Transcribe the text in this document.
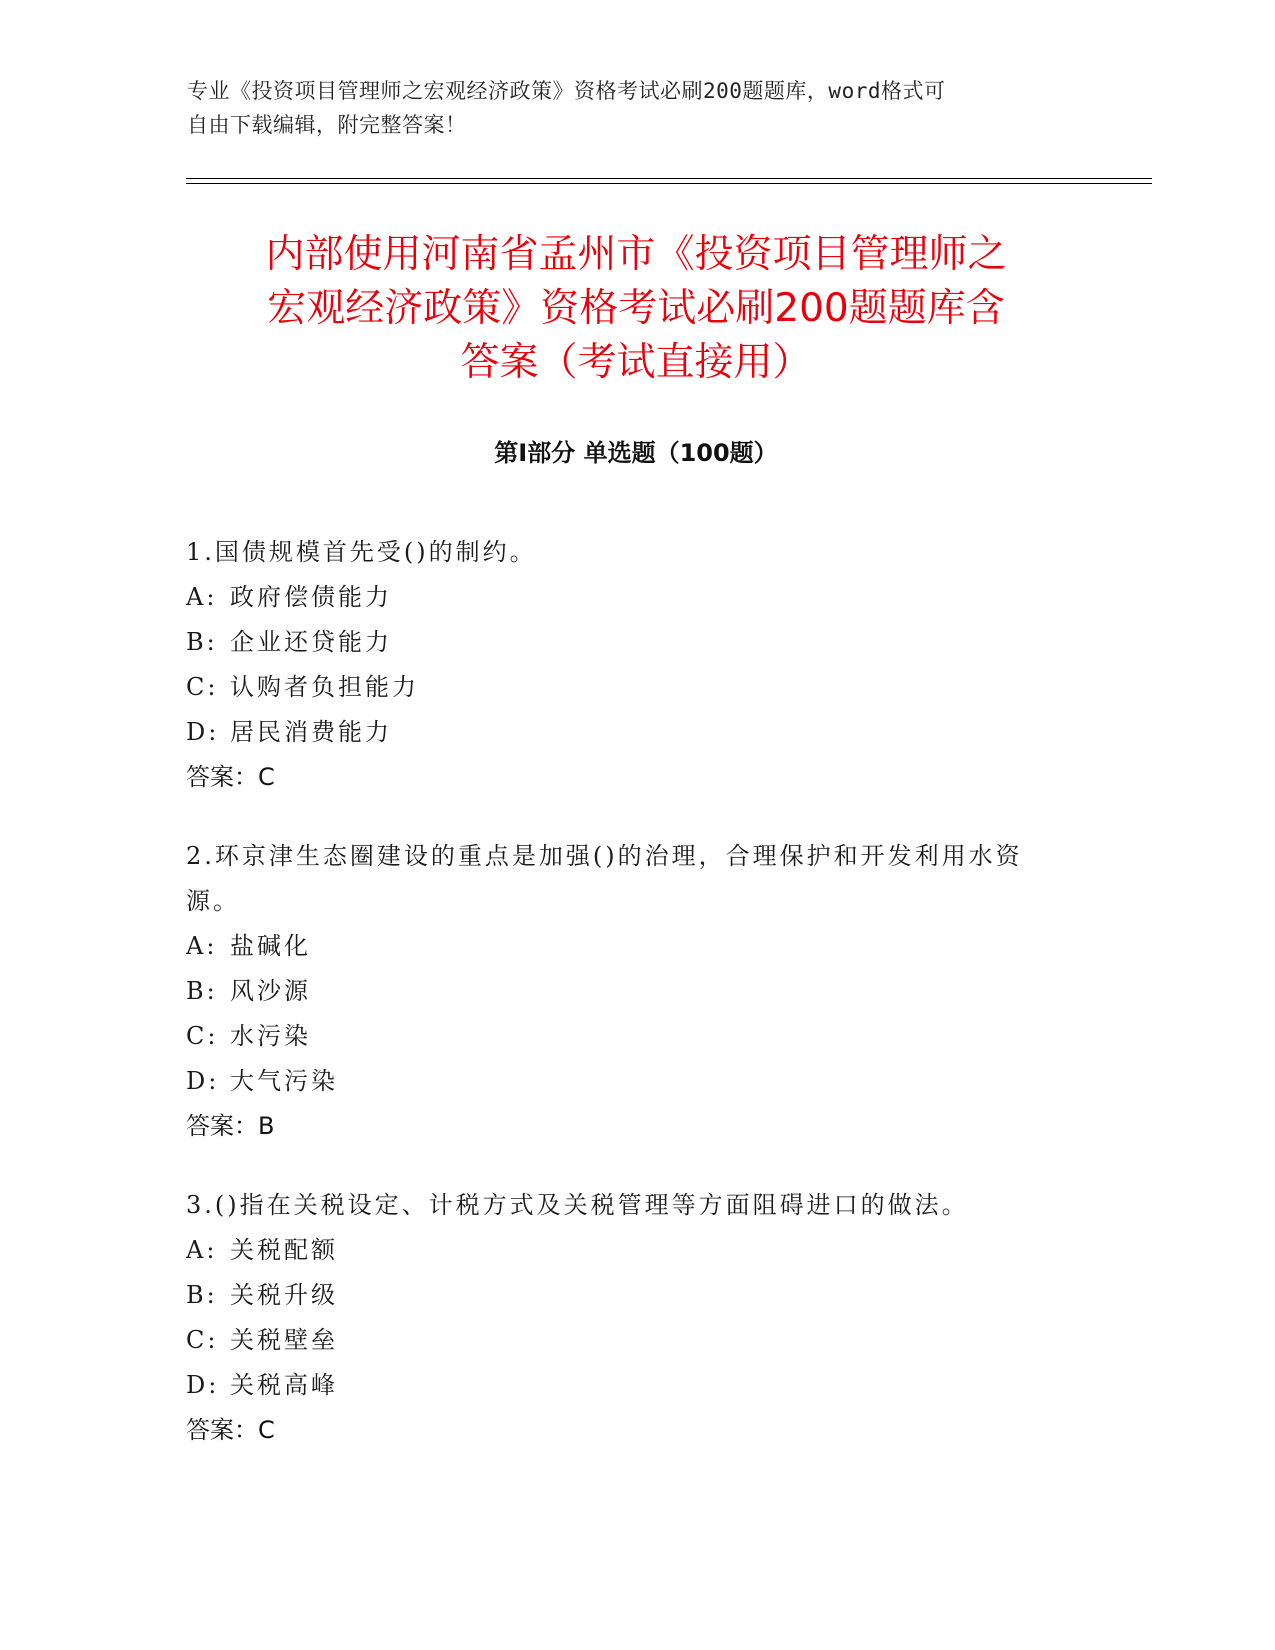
专业《投资项目管理师之宏观经济政策》资格考试必刷200题题库，word格式可
自由下载编辑，附完整答案！
内部使用河南省孟州市《投资项目管理师之
宏观经济政策》资格考试必刷200题题库含
答案（考试直接用）
第Ⅰ部分 单选题（100题）
1.国债规模首先受()的制约。
A: 政府偿债能力
B: 企业还贷能力
C: 认购者负担能力
D: 居民消费能力
答案：C
2.环京津生态圈建设的重点是加强()的治理，合理保护和开发利用水资源。
A: 盐碱化
B: 风沙源
C: 水污染
D: 大气污染
答案：B
3.()指在关税设定、计税方式及关税管理等方面阻碍进口的做法。
A: 关税配额
B: 关税升级
C: 关税壁垒
D: 关税高峰
答案：C
